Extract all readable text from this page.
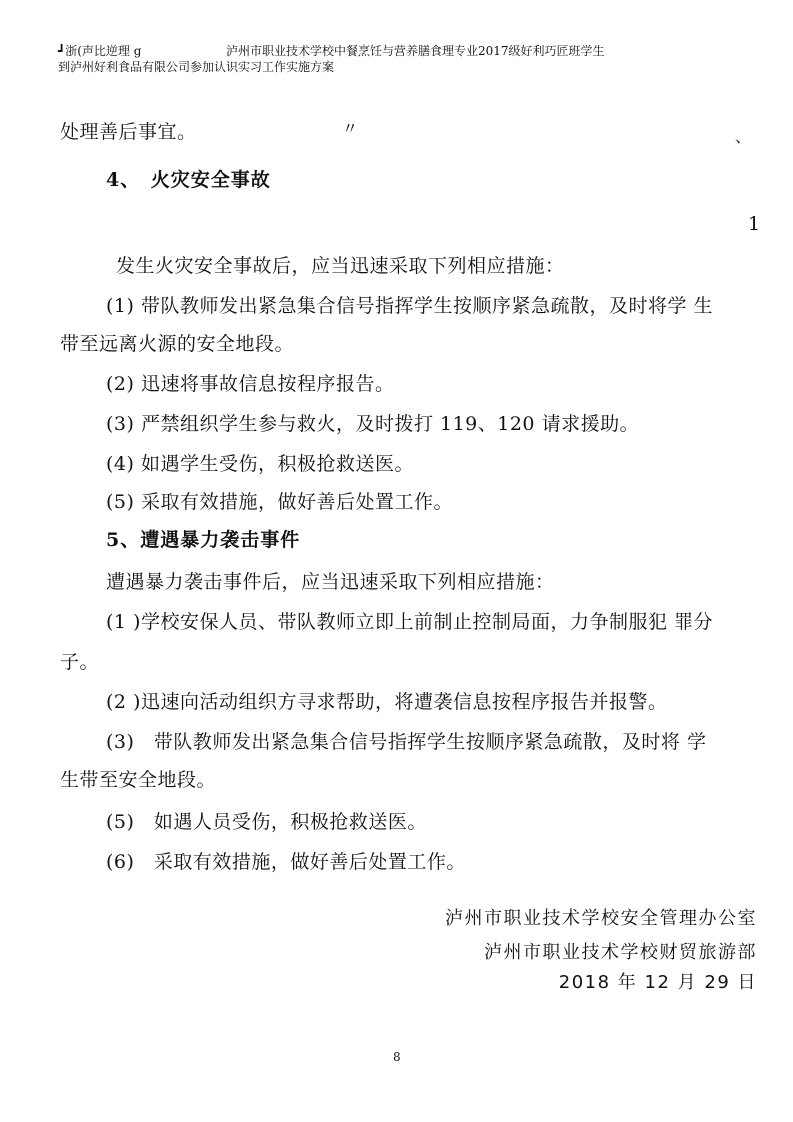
┛浙(声比逆理 g	泸州市职业技术学校中餐烹饪与营养膳食理专业2017级好利巧匠班学生
到泸州好利食品有限公司参加认识实习工作实施方案
〃	、
1
处理善后事宜。
4、　火灾安全事故
发生火灾安全事故后，应当迅速采取下列相应措施：
(1) 带队教师发出紧急集合信号指挥学生按顺序紧急疏散，及时将学 生
带至远离火源的安全地段。
(2) 迅速将事故信息按程序报告。
(3) 严禁组织学生参与救火，及时拨打 119、120 请求援助。
(4) 如遇学生受伤，积极抢救送医。
(5) 采取有效措施，做好善后处置工作。
5、遭遇暴力袭击事件
遭遇暴力袭击事件后，应当迅速采取下列相应措施：
(1 )学校安保人员、带队教师立即上前制止控制局面，力争制服犯 罪分
子。
(2 )迅速向活动组织方寻求帮助，将遭袭信息按程序报告并报警。
(3)　带队教师发出紧急集合信号指挥学生按顺序紧急疏散，及时将 学
生带至安全地段。
(5)　如遇人员受伤，积极抢救送医。
(6)　采取有效措施，做好善后处置工作。
泸州市职业技术学校安全管理办公室
泸州市职业技术学校财贸旅游部
2018 年 12 月 29 日
8
